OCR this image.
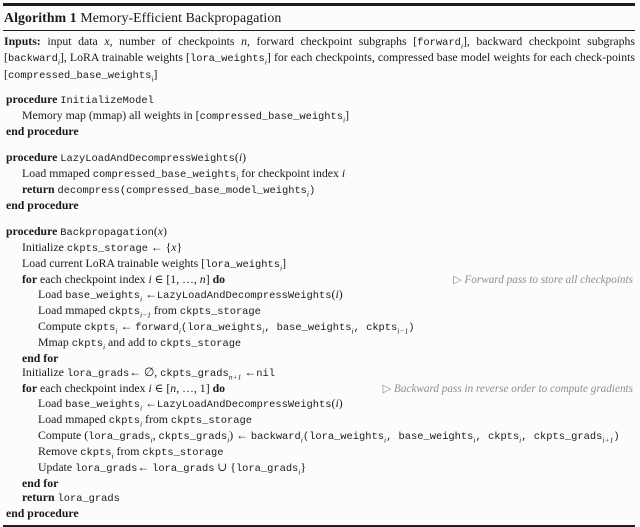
Algorithm 1 Memory-Efficient Backpropagation

Inputs: input data x, number of checkpoints n, forward checkpoint subgraphs [forward$_i$], backward checkpoint subgraphs [backward$_i$], LoRA trainable weights [lora_weights$_i$] for each checkpoints, compressed base model weights for each check-points [compressed_base_weights$_i$]

procedure InitializeModel
Memory map (mmap) all weights in [compressed_base_weights$_i$]
end procedure
procedure LazyLoadAndDecompressWeights(i)
Load mmaped compressed_base_weights$_i$ for checkpoint index i
return decompress(compressed_base_model_weights$_i$)
end procedure
procedure Backpropagation(x)
Initialize ckpts_storage ← {x}
Load current LoRA trainable weights [lora_weights$_i$]
for each checkpoint index i ∈ [1, …, n] do	▷ Forward pass to store all checkpoints
Load base_weights$_i$ ←LazyLoadAndDecompressWeights(i)
Load mmaped ckpts$_{i-1}$ from ckpts_storage
Compute ckpts$_i$ ← forward$_i$(lora_weights$_i$, base_weights$_i$, ckpts$_{i-1}$)
Mmap ckpts$_i$ and add to ckpts_storage
end for
Initialize lora_grads← ∅, ckpts_grads$_{n+1}$ ←nil
for each checkpoint index i ∈ [n, …, 1] do	▷ Backward pass in reverse order to compute gradients
Load base_weights$_i$ ←LazyLoadAndDecompressWeights(i)
Load mmaped ckpts$_i$ from ckpts_storage
Compute (lora_grads$_i$, ckpts_grads$_i$) ← backward$_i$(lora_weights$_i$, base_weights$_i$, ckpts$_i$, ckpts_grads$_{i+1}$)
Remove ckpts$_i$ from ckpts_storage
Update lora_grads← lora_grads ∪ {lora_grads$_i$}
end for
return lora_grads
end procedure
